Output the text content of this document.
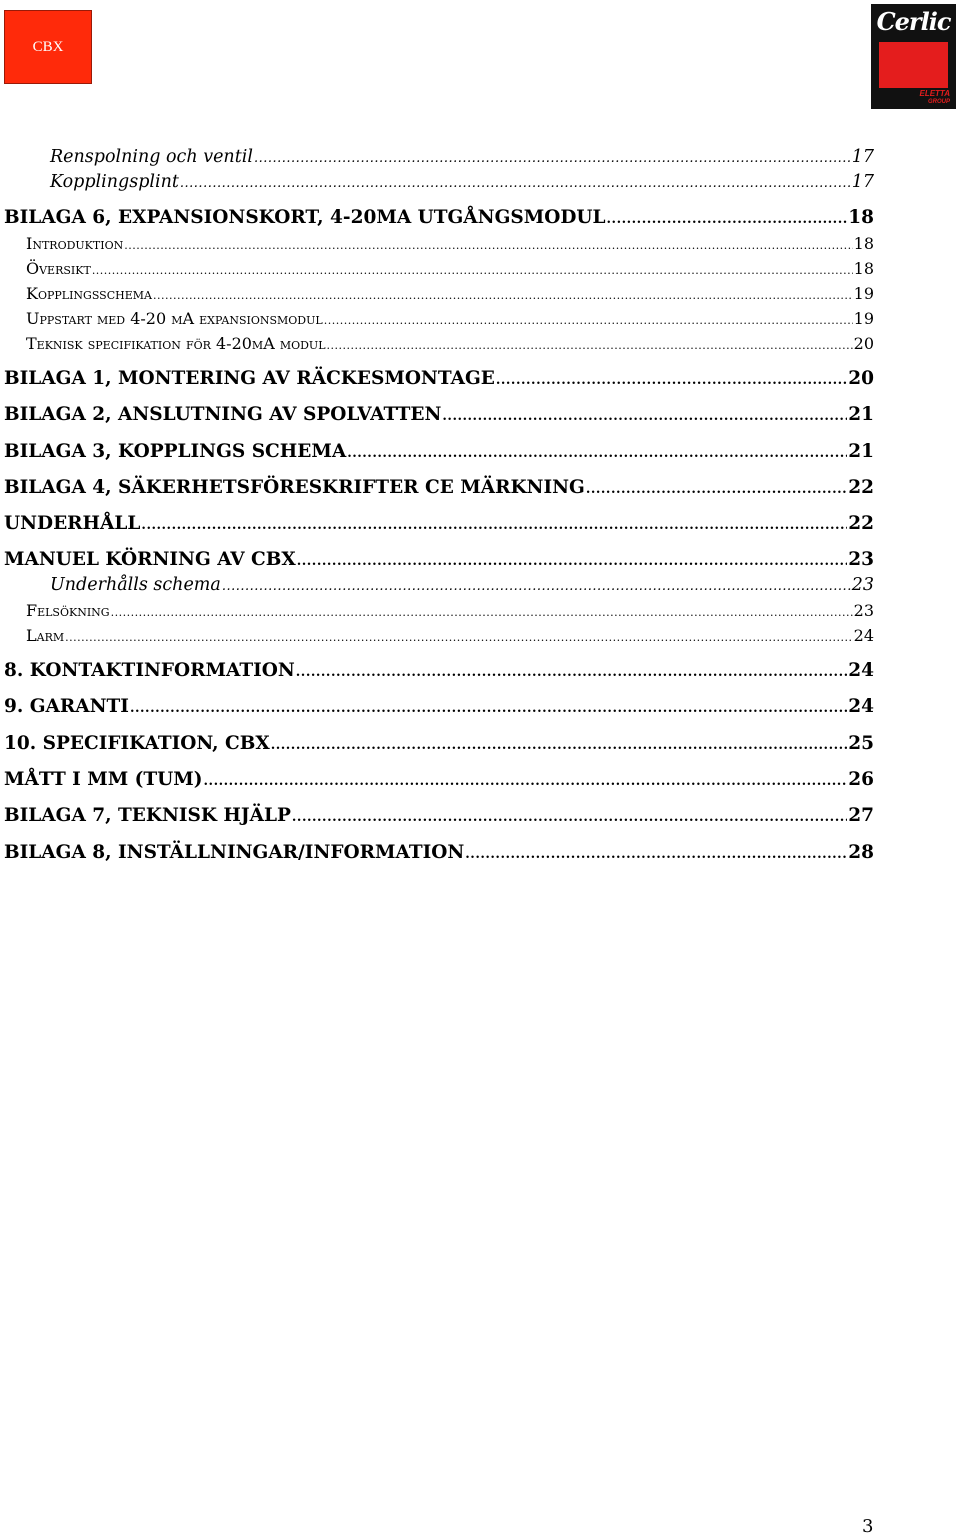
CBX
Cerlic
ELETTA
GROUP
Renspolning och ventil .....	17
Kopplingsplint .....	17
BILAGA 6, EXPANSIONSKORT, 4-20MA UTGÅNGSMODUL .....	18
Introduktion .....	18
Översikt .....	18
Kopplingsschema .....	19
Uppstart med 4-20 mA expansionsmodul .....	19
Teknisk specifikation för 4-20mA modul .....	20
BILAGA 1, MONTERING AV RÄCKESMONTAGE .....	20
BILAGA 2, ANSLUTNING AV SPOLVATTEN .....	21
BILAGA 3, KOPPLINGS SCHEMA .....	21
BILAGA 4, SÄKERHETSFÖRESKRIFTER CE MÄRKNING .....	22
UNDERHÅLL .....	22
MANUEL KÖRNING AV CBX .....	23
Underhålls schema .....	23
Felsökning .....	23
Larm .....	24
8. KONTAKTINFORMATION .....	24
9. GARANTI .....	24
10. SPECIFIKATION, CBX .....	25
MÅTT I MM (TUM) .....	26
BILAGA 7, TEKNISK HJÄLP .....	27
BILAGA 8, INSTÄLLNINGAR/INFORMATION .....	28
3
